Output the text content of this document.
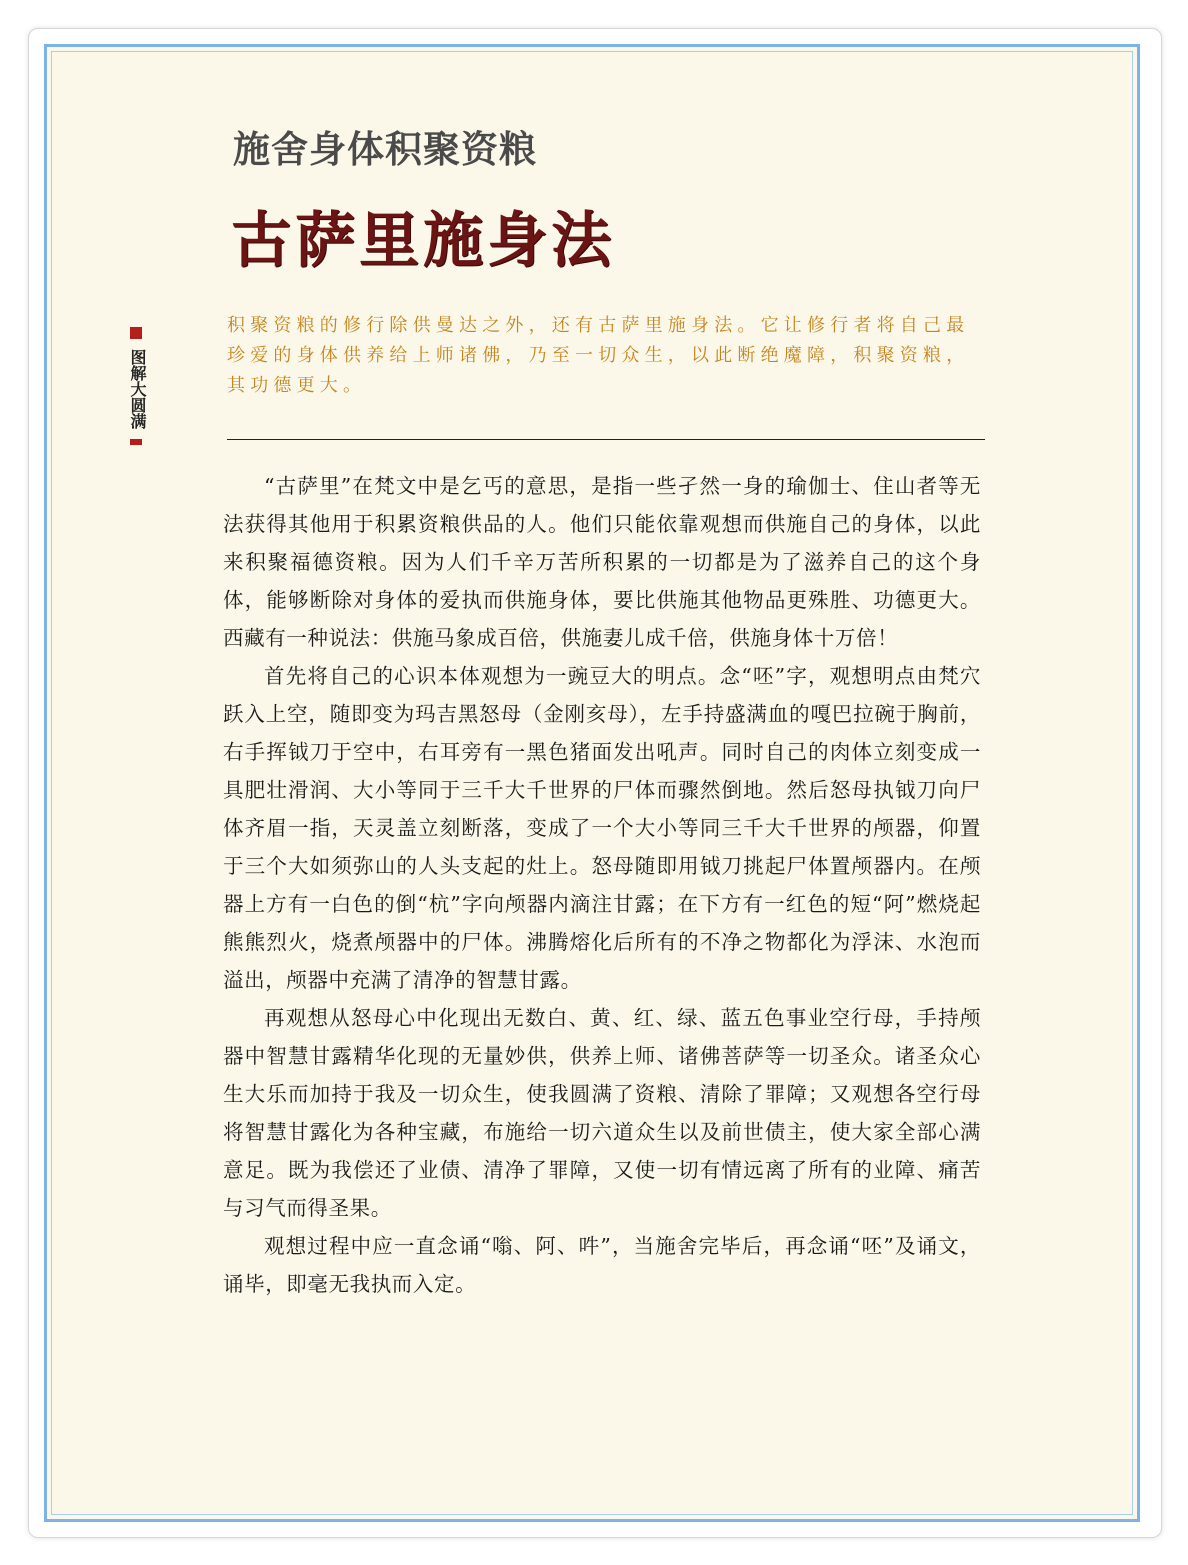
施舍身体积聚资粮
古萨里施身法
图解大圆满

积聚资粮的修行除供曼达之外，还有古萨里施身法。它让修行者将自己最珍爱的身体供养给上师诸佛，乃至一切众生，以此断绝魔障，积聚资粮，其功德更大。

“古萨里”在梵文中是乞丐的意思，是指一些孑然一身的瑜伽士、住山者等无法获得其他用于积累资粮供品的人。他们只能依靠观想而供施自己的身体，以此来积聚福德资粮。因为人们千辛万苦所积累的一切都是为了滋养自己的这个身体，能够断除对身体的爱执而供施身体，要比供施其他物品更殊胜、功德更大。西藏有一种说法：供施马象成百倍，供施妻儿成千倍，供施身体十万倍！

首先将自己的心识本体观想为一豌豆大的明点。念“呸”字，观想明点由梵穴跃入上空，随即变为玛吉黑怒母（金刚亥母），左手持盛满血的嘎巴拉碗于胸前，右手挥钺刀于空中，右耳旁有一黑色猪面发出吼声。同时自己的肉体立刻变成一具肥壮滑润、大小等同于三千大千世界的尸体而骤然倒地。然后怒母执钺刀向尸体齐眉一指，天灵盖立刻断落，变成了一个大小等同三千大千世界的颅器，仰置于三个大如须弥山的人头支起的灶上。怒母随即用钺刀挑起尸体置颅器内。在颅器上方有一白色的倒“杭”字向颅器内滴注甘露；在下方有一红色的短“阿”燃烧起熊熊烈火，烧煮颅器中的尸体。沸腾熔化后所有的不净之物都化为浮沫、水泡而溢出，颅器中充满了清净的智慧甘露。

再观想从怒母心中化现出无数白、黄、红、绿、蓝五色事业空行母，手持颅器中智慧甘露精华化现的无量妙供，供养上师、诸佛菩萨等一切圣众。诸圣众心生大乐而加持于我及一切众生，使我圆满了资粮、清除了罪障；又观想各空行母将智慧甘露化为各种宝藏，布施给一切六道众生以及前世债主，使大家全部心满意足。既为我偿还了业债、清净了罪障，又使一切有情远离了所有的业障、痛苦与习气而得圣果。

观想过程中应一直念诵“嗡、阿、吽”，当施舍完毕后，再念诵“呸”及诵文，诵毕，即毫无我执而入定。
